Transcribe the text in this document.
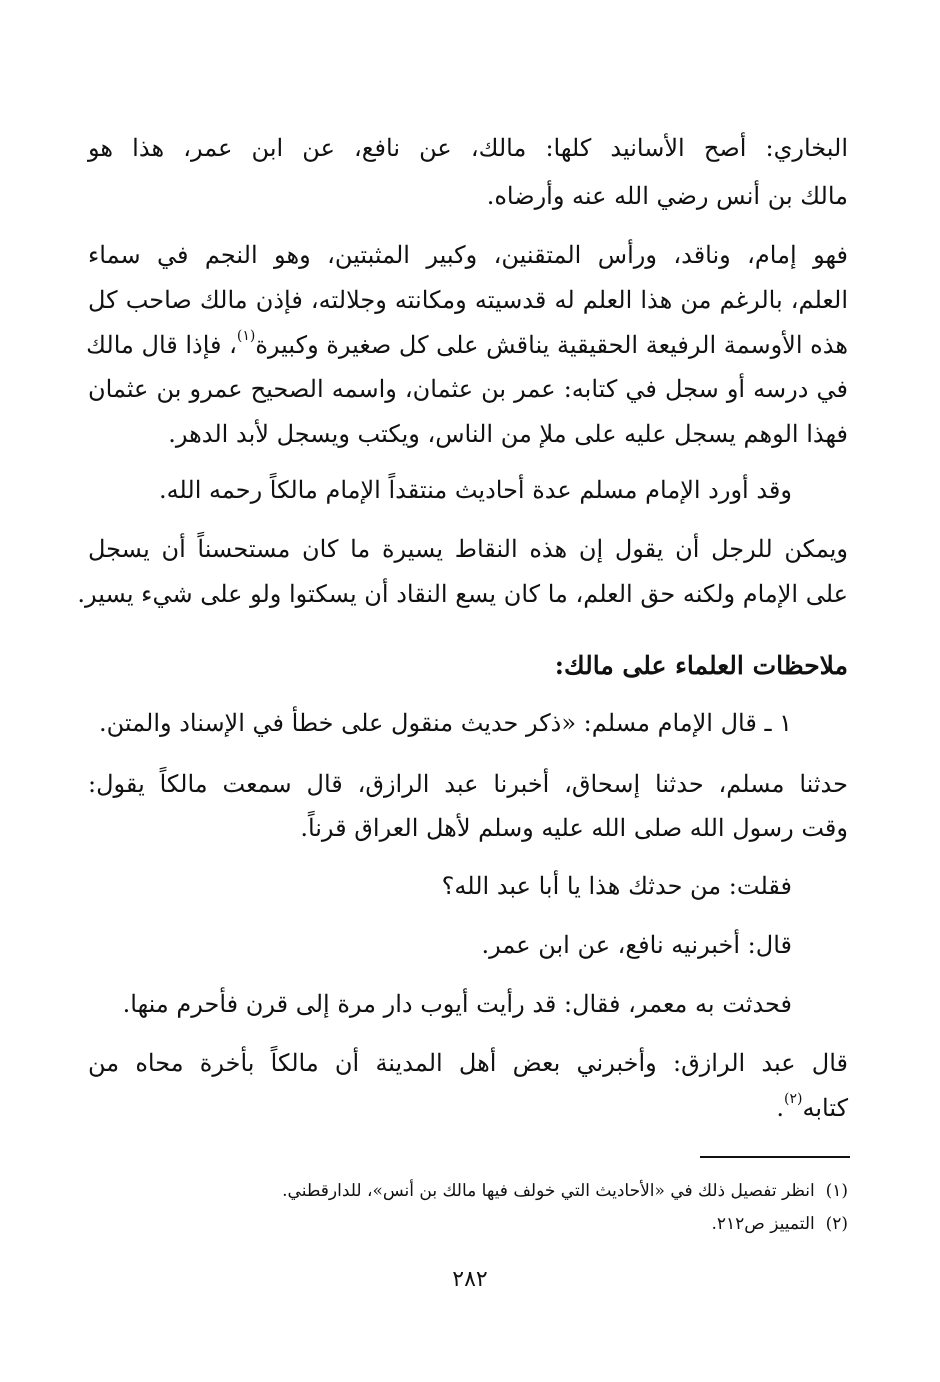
البخاري: أصح الأسانيد كلها: مالك، عن نافع، عن ابن عمر، هذا هو
مالك بن أنس رضي الله عنه وأرضاه.
فهو إمام، وناقد، ورأس المتقنين، وكبير المثبتين، وهو النجم في سماء
العلم، بالرغم من هذا العلم له قدسيته ومكانته وجلالته، فإذن مالك صاحب كل
هذه الأوسمة الرفيعة الحقيقية يناقش على كل صغيرة وكبيرة$^{(١)}$، فإذا قال مالك
في درسه أو سجل في كتابه: عمر بن عثمان، واسمه الصحيح عمرو بن عثمان
فهذا الوهم يسجل عليه على ملإ من الناس، ويكتب ويسجل لأبد الدهر.
وقد أورد الإمام مسلم عدة أحاديث منتقداً الإمام مالكاً رحمه الله.
ويمكن للرجل أن يقول إن هذه النقاط يسيرة ما كان مستحسناً أن يسجل
على الإمام ولكنه حق العلم، ما كان يسع النقاد أن يسكتوا ولو على شيء يسير.
ملاحظات العلماء على مالك:
١ ـ قال الإمام مسلم: «ذكر حديث منقول على خطأ في الإسناد والمتن.
حدثنا مسلم، حدثنا إسحاق، أخبرنا عبد الرازق، قال سمعت مالكاً يقول:
وقت رسول الله صلى الله عليه وسلم لأهل العراق قرناً.
فقلت: من حدثك هذا يا أبا عبد الله؟
قال: أخبرنيه نافع، عن ابن عمر.
فحدثت به معمر، فقال: قد رأيت أيوب دار مرة إلى قرن فأحرم منها.
قال عبد الرازق: وأخبرني بعض أهل المدينة أن مالكاً بأخرة محاه من
كتابه$^{(٢)}$.
(١)  انظر تفصيل ذلك في «الأحاديث التي خولف فيها مالك بن أنس»، للدارقطني.
(٢)  التمييز ص٢١٢.
٢٨٢
